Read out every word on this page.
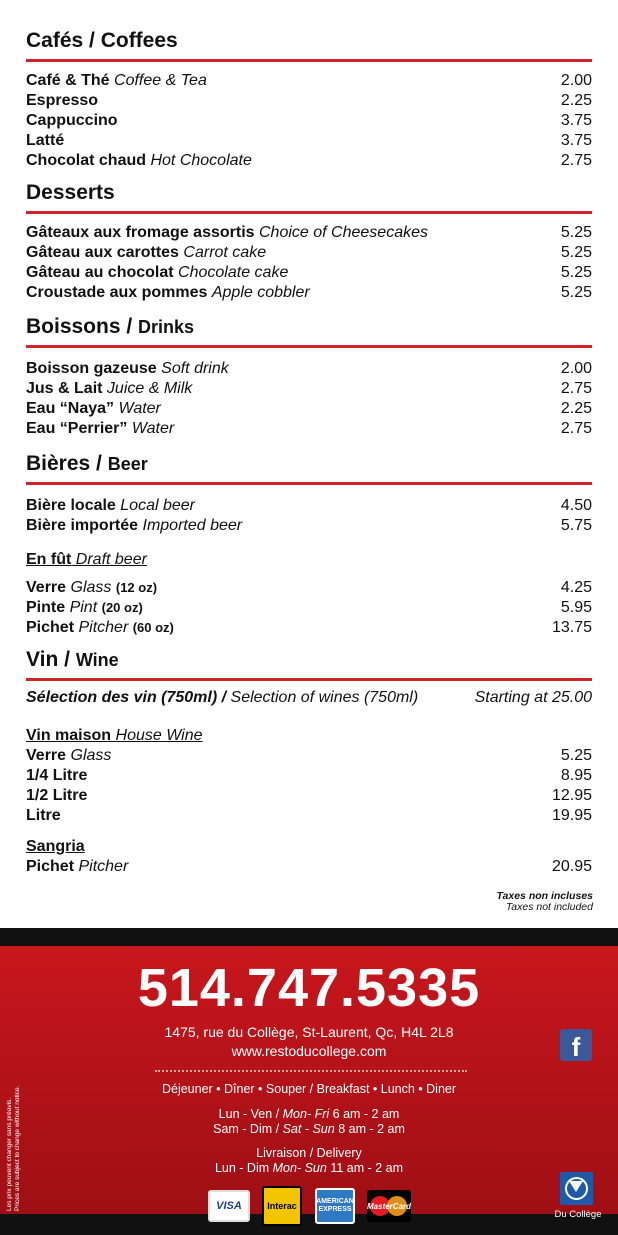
Cafés / Coffees
Café & Thé Coffee & Tea	2.00
Espresso	2.25
Cappuccino	3.75
Latté	3.75
Chocolat chaud Hot Chocolate	2.75
Desserts
Gâteaux aux fromage assortis Choice of Cheesecakes	5.25
Gâteau aux carottes Carrot cake	5.25
Gâteau au chocolat Chocolate cake	5.25
Croustade aux pommes Apple cobbler	5.25
Boissons / Drinks
Boisson gazeuse Soft drink	2.00
Jus & Lait Juice & Milk	2.75
Eau “Naya” Water	2.25
Eau “Perrier” Water	2.75
Bières / Beer
Bière locale Local beer	4.50
Bière importée Imported beer	5.75
En fût Draft beer
Verre Glass (12 oz)	4.25
Pinte Pint (20 oz)	5.95
Pichet Pitcher (60 oz)	13.75
Vin / Wine
Sélection des vin (750ml) / Selection of wines (750ml)	Starting at 25.00
Vin maison House Wine
Verre Glass	5.25
1/4 Litre	8.95
1/2 Litre	12.95
Litre	19.95
Sangria
Pichet Pitcher	20.95
Taxes non incluses
Taxes not included
514.747.5335
1475, rue du Collège, St-Laurent, Qc, H4L 2L8
www.restoducollege.com
Déjeuner • Dîner • Souper / Breakfast • Lunch • Diner
Lun - Ven / Mon- Fri 6 am - 2 am
Sam - Dim / Sat - Sun 8 am - 2 am
Livraison / Delivery
Lun - Dim Mon- Sun 11 am - 2 am
f
Du Collège
VISA	Interac	AMERICAN EXPRESS	MasterCard
Les prix peuvent changer sans préavis. Prices are subject to change without notice.
